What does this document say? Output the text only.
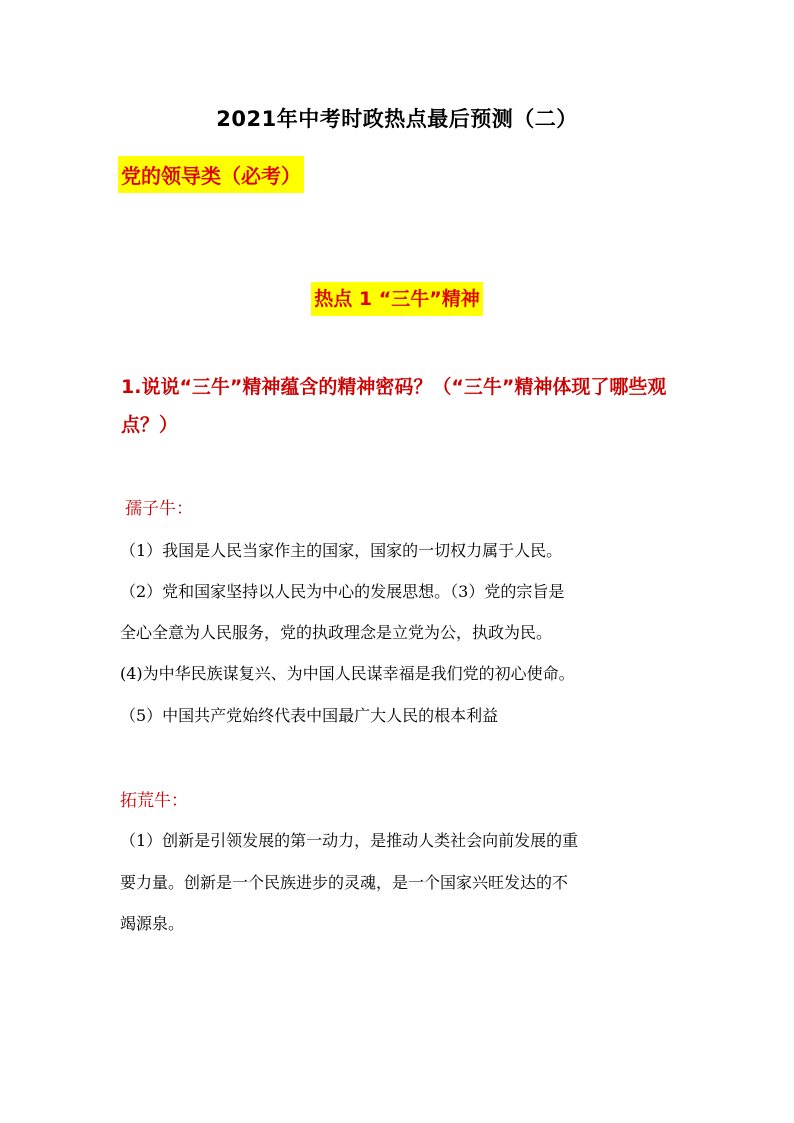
2021年中考时政热点最后预测（二）
党的领导类（必考）
热点 1 “三牛”精神
1.说说“三牛”精神蕴含的精神密码？（“三牛”精神体现了哪些观点？）
孺子牛：
（1）我国是人民当家作主的国家，国家的一切权力属于人民。
（2）党和国家坚持以人民为中心的发展思想。（3）党的宗旨是
全心全意为人民服务，党的执政理念是立党为公，执政为民。
(4)为中华民族谋复兴、为中国人民谋幸福是我们党的初心使命。
（5）中国共产党始终代表中国最广大人民的根本利益
拓荒牛：
（1）创新是引领发展的第一动力，是推动人类社会向前发展的重
要力量。创新是一个民族进步的灵魂，是一个国家兴旺发达的不
竭源泉。
